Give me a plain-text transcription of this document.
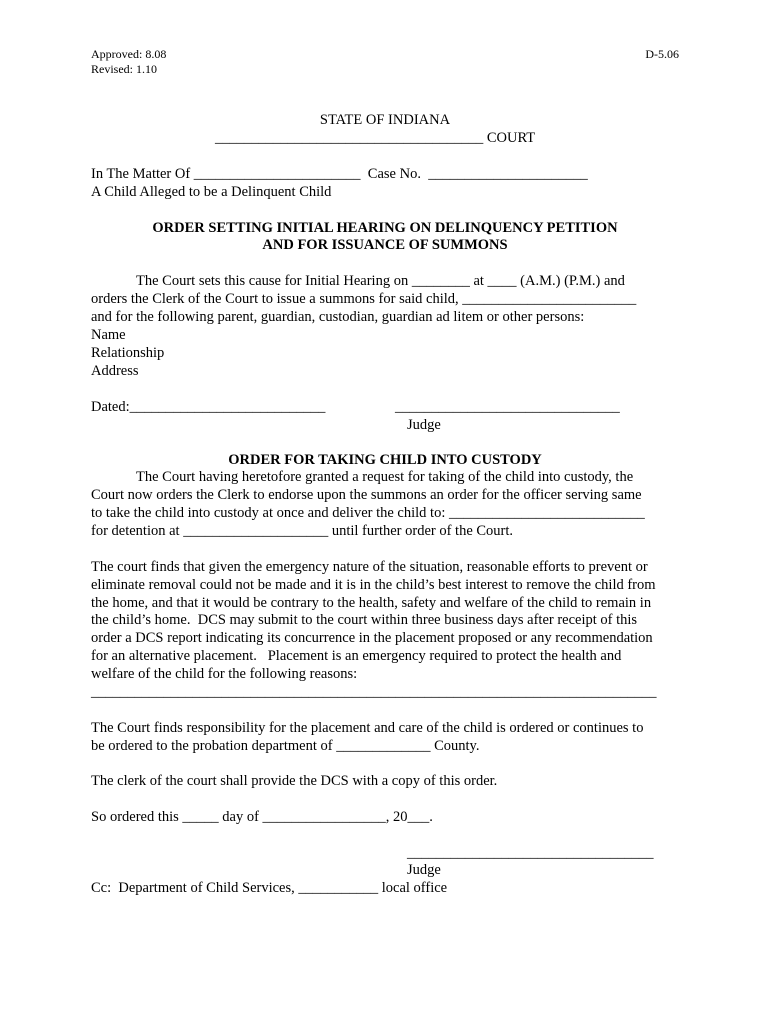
Approved: 8.08
Revised: 1.10
D-5.06
STATE OF INDIANA
_____________________________________ COURT
In The Matter Of _______________________  Case No.  ______________________
A Child Alleged to be a Delinquent Child
ORDER SETTING INITIAL HEARING ON DELINQUENCY PETITION
AND FOR ISSUANCE OF SUMMONS
The Court sets this cause for Initial Hearing on ________ at ____ (A.M.) (P.M.) and
orders the Clerk of the Court to issue a summons for said child, ________________________
and for the following parent, guardian, custodian, guardian ad litem or other persons:
Name
Relationship
Address
Dated:___________________________	_______________________________
Judge
ORDER FOR TAKING CHILD INTO CUSTODY
The Court having heretofore granted a request for taking of the child into custody, the
Court now orders the Clerk to endorse upon the summons an order for the officer serving same
to take the child into custody at once and deliver the child to: ___________________________
for detention at ____________________ until further order of the Court.
The court finds that given the emergency nature of the situation, reasonable efforts to prevent or
eliminate removal could not be made and it is in the child’s best interest to remove the child from
the home, and that it would be contrary to the health, safety and welfare of the child to remain in
the child’s home.  DCS may submit to the court within three business days after receipt of this
order a DCS report indicating its concurrence in the placement proposed or any recommendation
for an alternative placement.   Placement is an emergency required to protect the health and
welfare of the child for the following reasons:
______________________________________________________________________________
The Court finds responsibility for the placement and care of the child is ordered or continues to
be ordered to the probation department of _____________ County.
The clerk of the court shall provide the DCS with a copy of this order.
So ordered this _____ day of _________________, 20___.
__________________________________
Judge
Cc:  Department of Child Services, ___________ local office
